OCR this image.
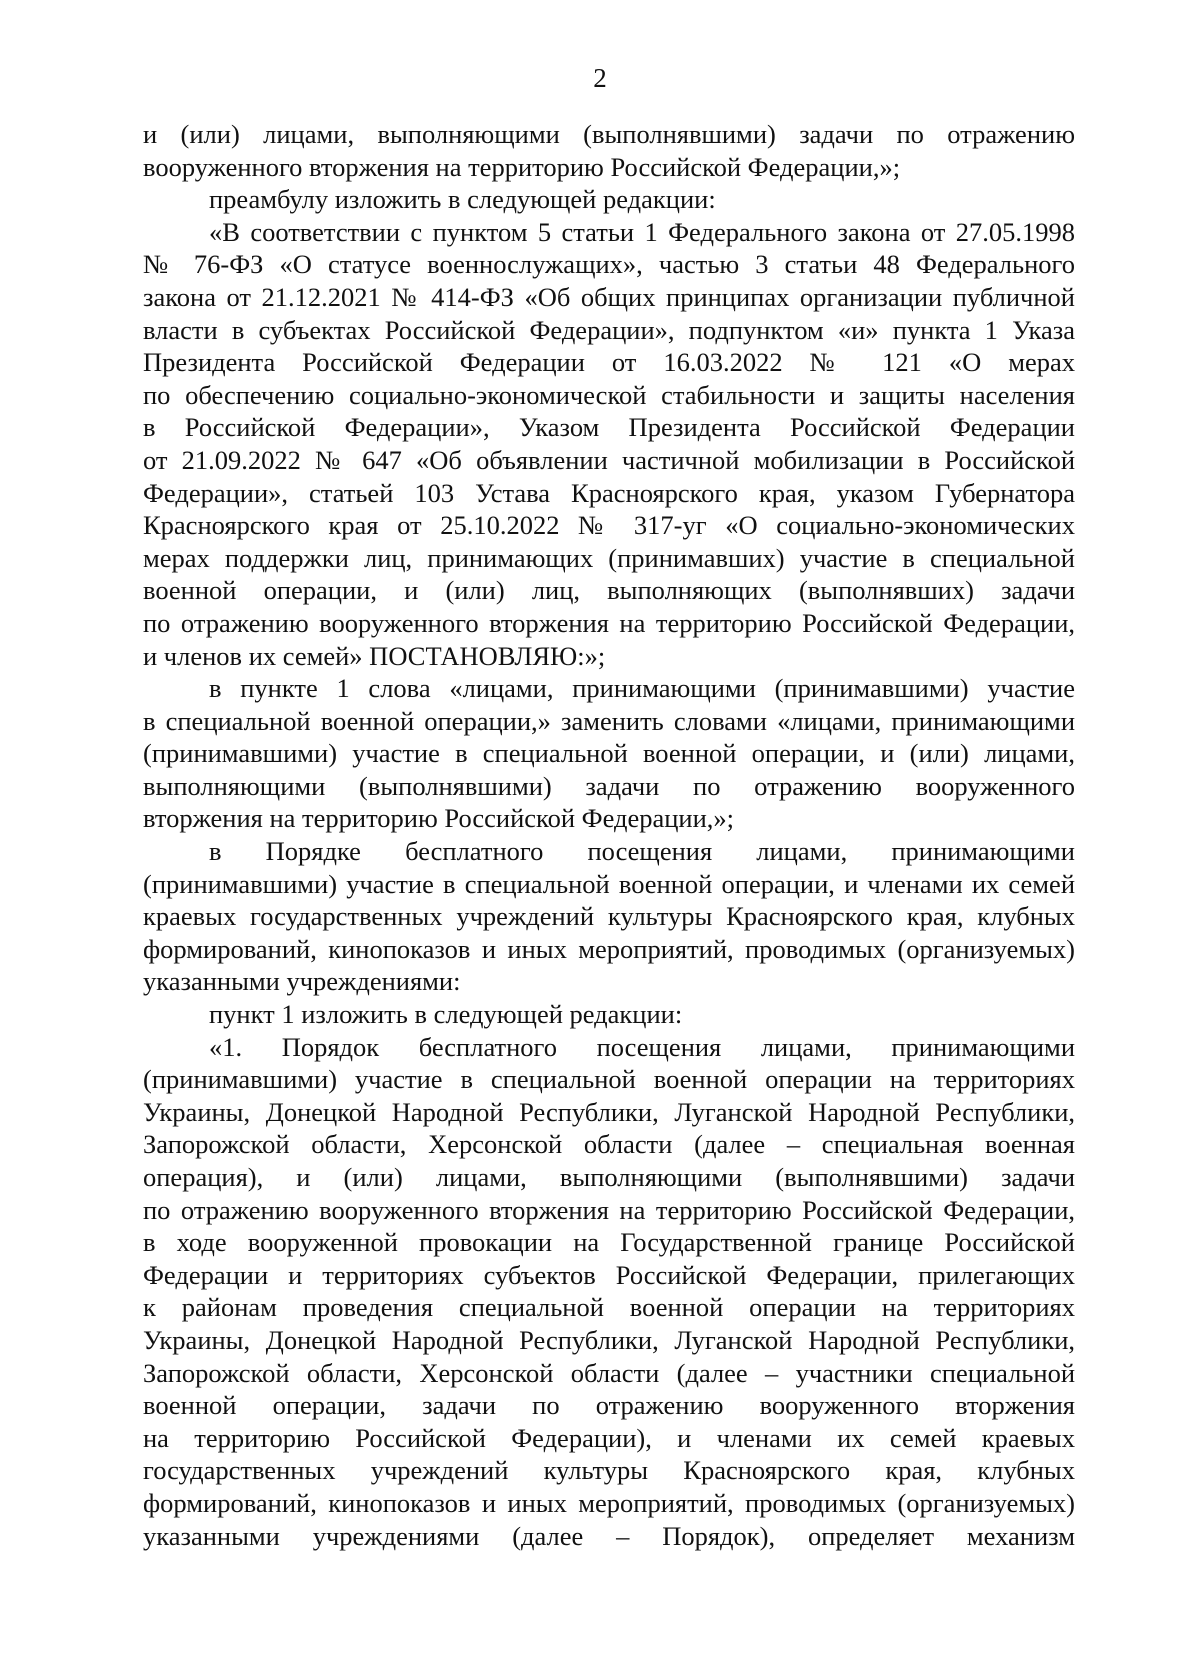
2
и (или) лицами, выполняющими (выполнявшими) задачи по отражению
вооруженного вторжения на территорию Российской Федерации,»;
преамбулу изложить в следующей редакции:
«В соответствии с пунктом 5 статьи 1 Федерального закона от 27.05.1998
№ 76-ФЗ «О статусе военнослужащих», частью 3 статьи 48 Федерального
закона от 21.12.2021 № 414-ФЗ «Об общих принципах организации публичной
власти в субъектах Российской Федерации», подпунктом «и» пункта 1 Указа
Президента Российской Федерации от 16.03.2022 № 121 «О мерах
по обеспечению социально-экономической стабильности и защиты населения
в Российской Федерации», Указом Президента Российской Федерации
от 21.09.2022 № 647 «Об объявлении частичной мобилизации в Российской
Федерации», статьей 103 Устава Красноярского края, указом Губернатора
Красноярского края от 25.10.2022 № 317-уг «О социально-экономических
мерах поддержки лиц, принимающих (принимавших) участие в специальной
военной операции, и (или) лиц, выполняющих (выполнявших) задачи
по отражению вооруженного вторжения на территорию Российской Федерации,
и членов их семей» ПОСТАНОВЛЯЮ:»;
в пункте 1 слова «лицами, принимающими (принимавшими) участие
в специальной военной операции,» заменить словами «лицами, принимающими
(принимавшими) участие в специальной военной операции, и (или) лицами,
выполняющими (выполнявшими) задачи по отражению вооруженного
вторжения на территорию Российской Федерации,»;
в Порядке бесплатного посещения лицами, принимающими
(принимавшими) участие в специальной военной операции, и членами их семей
краевых государственных учреждений культуры Красноярского края, клубных
формирований, кинопоказов и иных мероприятий, проводимых (организуемых)
указанными учреждениями:
пункт 1 изложить в следующей редакции:
«1. Порядок бесплатного посещения лицами, принимающими
(принимавшими) участие в специальной военной операции на территориях
Украины, Донецкой Народной Республики, Луганской Народной Республики,
Запорожской области, Херсонской области (далее – специальная военная
операция), и (или) лицами, выполняющими (выполнявшими) задачи
по отражению вооруженного вторжения на территорию Российской Федерации,
в ходе вооруженной провокации на Государственной границе Российской
Федерации и территориях субъектов Российской Федерации, прилегающих
к районам проведения специальной военной операции на территориях
Украины, Донецкой Народной Республики, Луганской Народной Республики,
Запорожской области, Херсонской области (далее – участники специальной
военной операции, задачи по отражению вооруженного вторжения
на территорию Российской Федерации), и членами их семей краевых
государственных учреждений культуры Красноярского края, клубных
формирований, кинопоказов и иных мероприятий, проводимых (организуемых)
указанными учреждениями (далее – Порядок), определяет механизм
